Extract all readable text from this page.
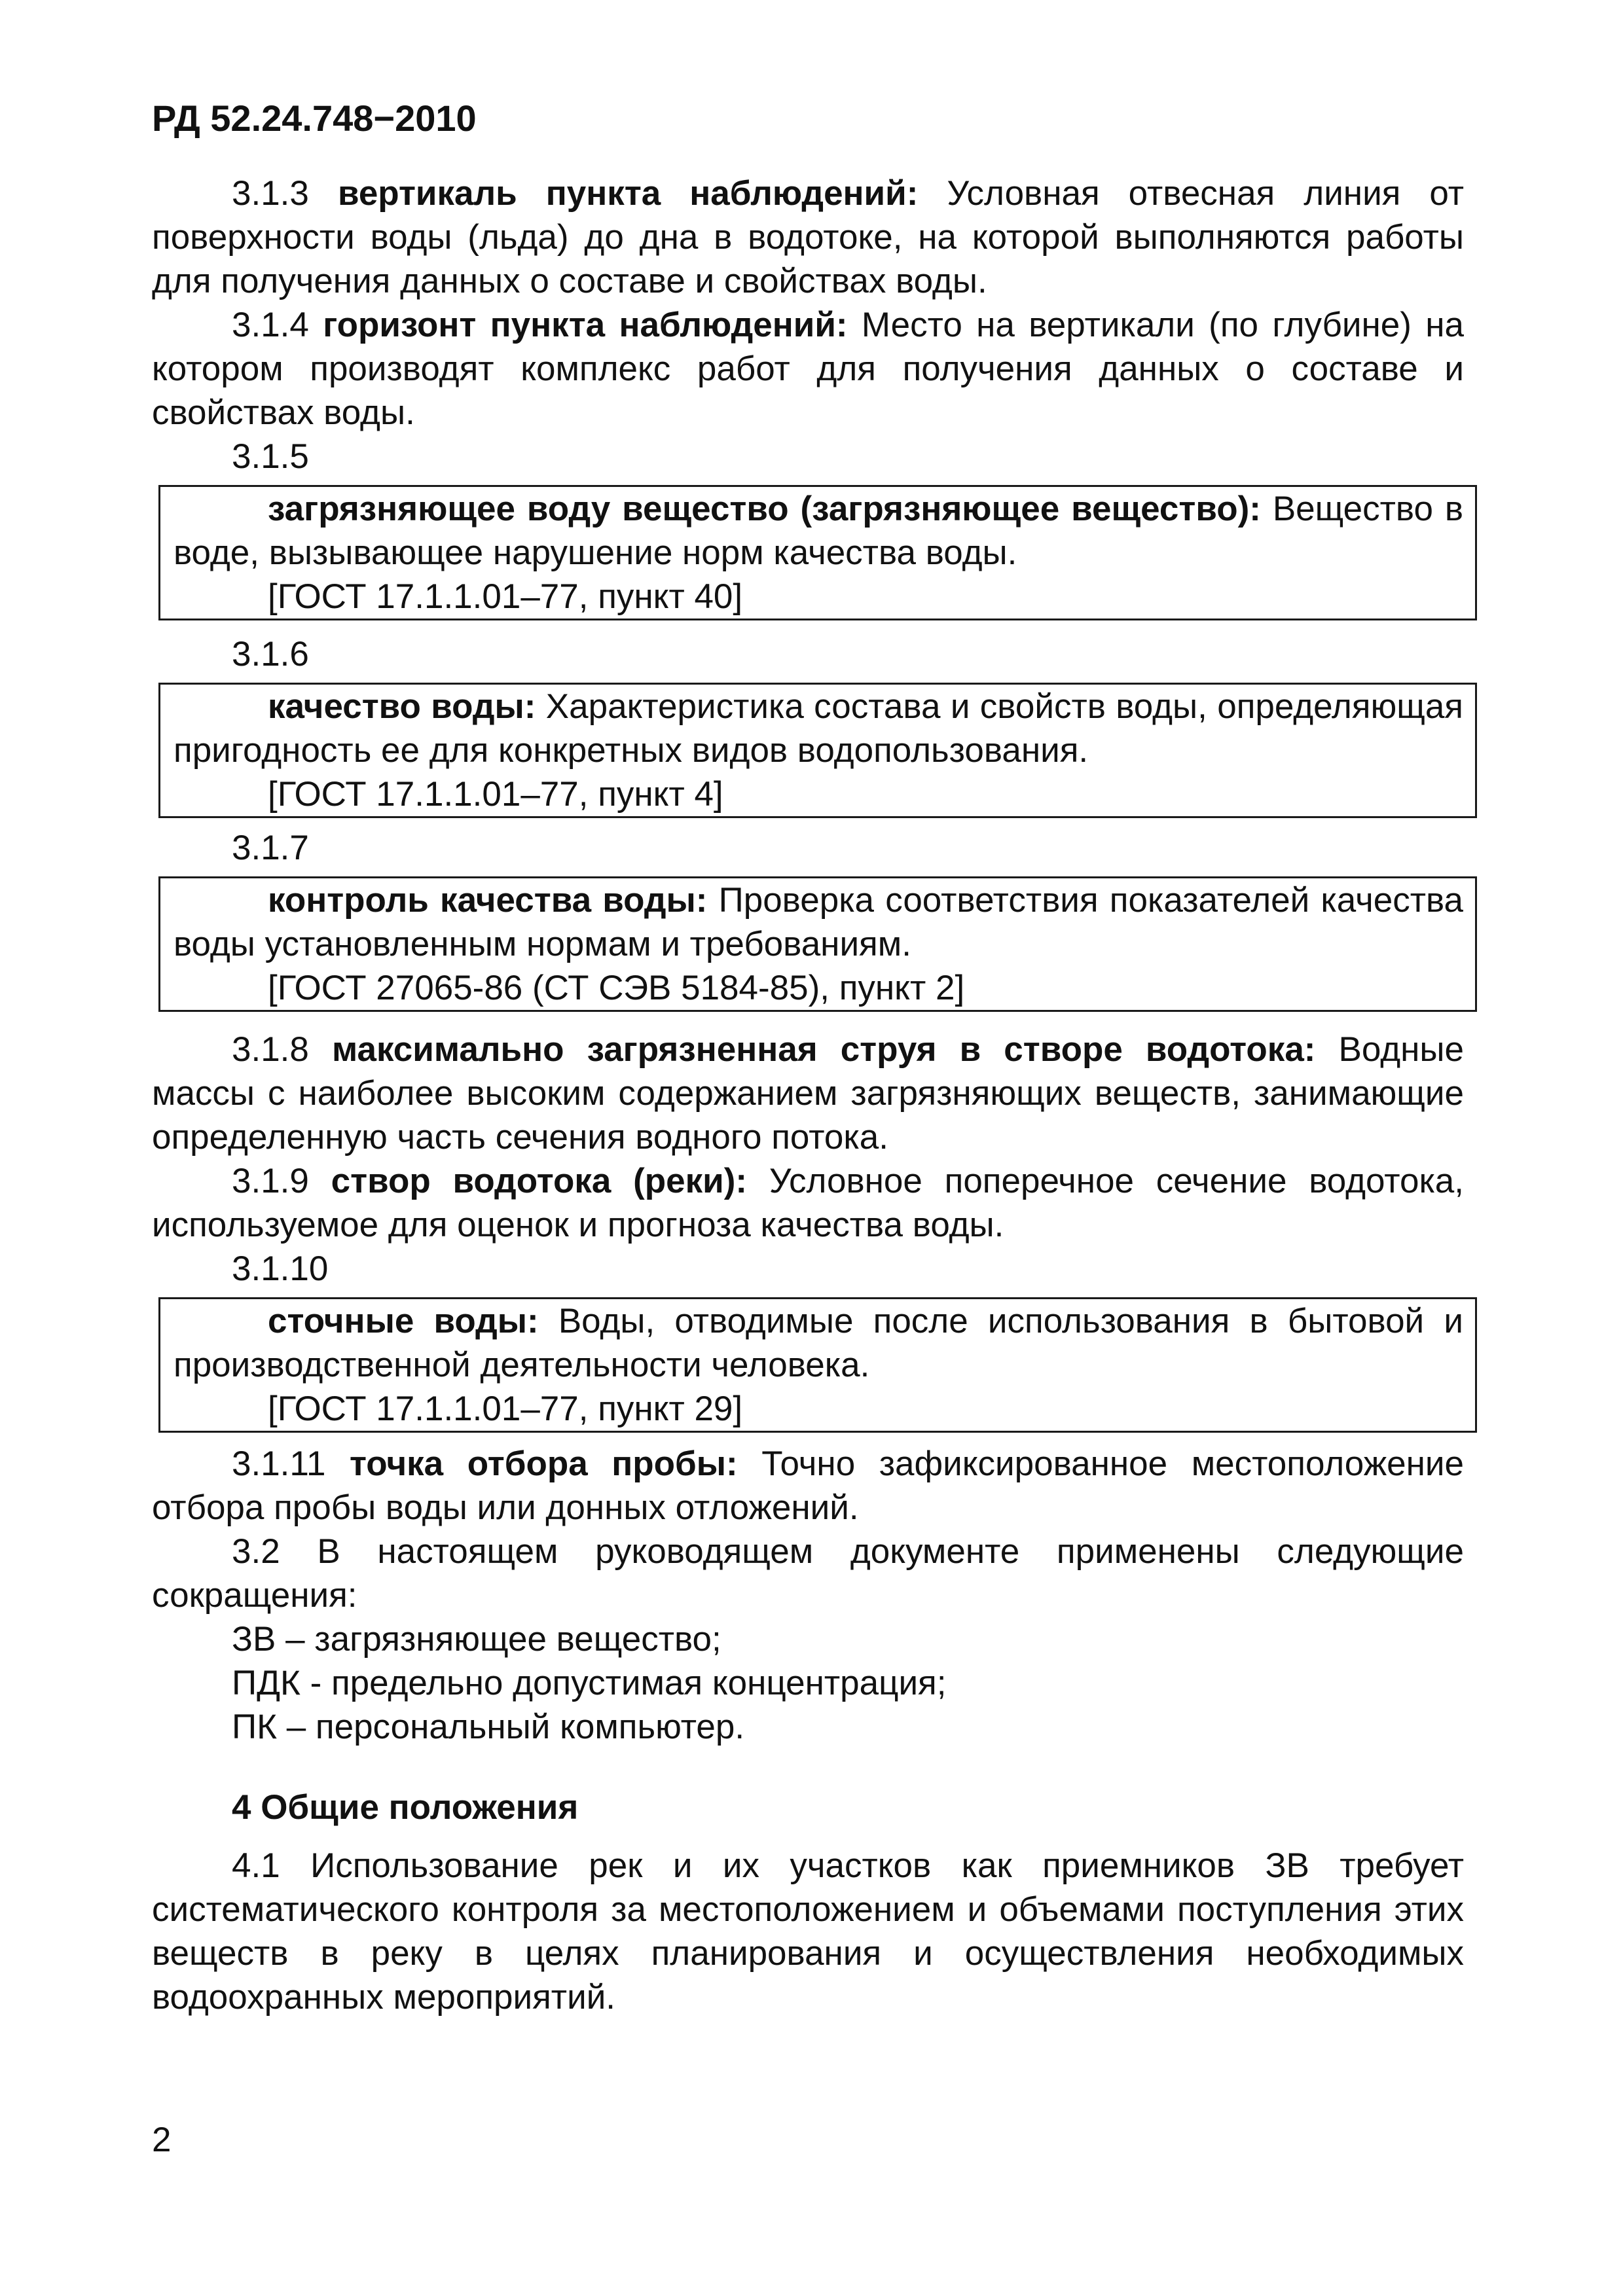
РД 52.24.748−2010

3.1.3 вертикаль пункта наблюдений: Условная отвесная линия от поверхности воды (льда) до дна в водотоке, на которой выполняются работы для получения данных о составе и свойствах воды.

3.1.4 горизонт пункта наблюдений: Место на вертикали (по глубине) на котором производят комплекс работ для получения данных о составе и свойствах воды.

3.1.5

загрязняющее воду вещество (загрязняющее вещество): Вещество в воде, вызывающее нарушение норм качества воды.

[ГОСТ 17.1.1.01–77, пункт 40]

3.1.6

качество воды: Характеристика состава и свойств воды, определяющая пригодность ее для конкретных видов водопользования.

[ГОСТ 17.1.1.01–77, пункт 4]

3.1.7

контроль качества воды: Проверка соответствия показателей качества воды установленным нормам и требованиям.

[ГОСТ 27065-86 (СТ СЭВ 5184-85), пункт 2]

3.1.8 максимально загрязненная струя в створе водотока: Водные массы с наиболее высоким содержанием загрязняющих веществ, занимающие определенную часть сечения водного потока.

3.1.9 створ водотока (реки): Условное поперечное сечение водотока, используемое для оценок и прогноза качества воды.

3.1.10

сточные воды: Воды, отводимые после использования в бытовой и производственной деятельности человека.

[ГОСТ 17.1.1.01–77, пункт 29]

3.1.11 точка отбора пробы: Точно зафиксированное местоположение отбора пробы воды или донных отложений.

3.2 В настоящем руководящем документе применены следующие сокращения:

ЗВ – загрязняющее вещество;

ПДК - предельно допустимая концентрация;

ПК – персональный компьютер.

4 Общие положения

4.1 Использование рек и их участков как приемников ЗВ требует систематического контроля за местоположением и объемами поступления этих веществ в реку в целях планирования и осуществления необходимых водоохранных мероприятий.

2
